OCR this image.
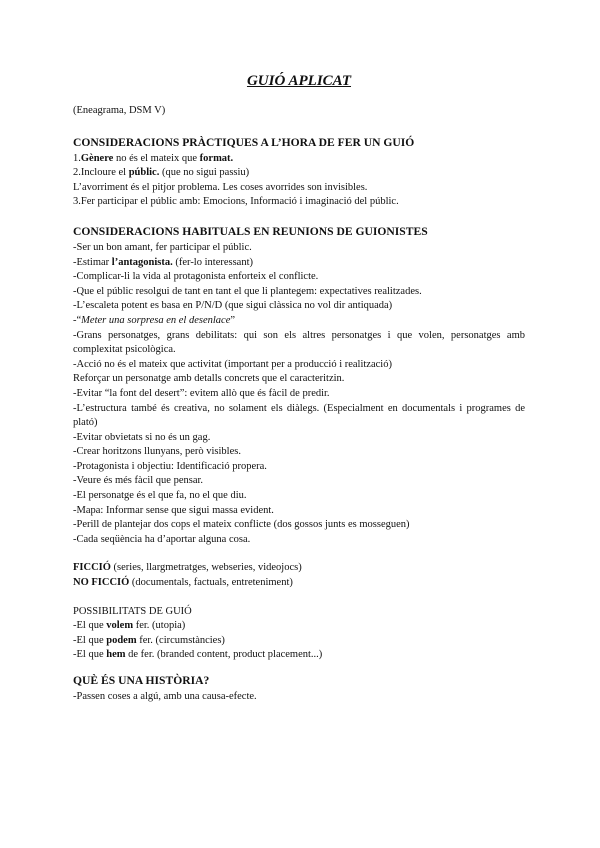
GUIÓ APLICAT
(Eneagrama, DSM V)
CONSIDERACIONS PRÀCTIQUES A L’HORA DE FER UN GUIÓ
1.Gènere no és el mateix que format.
2.Incloure el públic. (que no sigui passiu)
L’avorriment és el pitjor problema. Les coses avorrides son invisibles.
3.Fer participar el públic amb: Emocions, Informació i imaginació del públic.
CONSIDERACIONS HABITUALS EN REUNIONS DE GUIONISTES
-Ser un bon amant, fer participar el públic.
-Estimar l’antagonista. (fer-lo interessant)
-Complicar-li la vida al protagonista enforteix el conflicte.
-Que el públic resolgui de tant en tant el que li plantegem: expectatives realitzades.
-L’escaleta potent es basa en P/N/D (que sigui clàssica no vol dir antiquada)
-“Meter una sorpresa en el desenlace”
-Grans personatges, grans debilitats: qui son els altres personatges i que volen, personatges amb
complexitat psicològica.
-Acció no és el mateix que activitat (important per a producció i realització)
Reforçar un personatge amb detalls concrets que el caracteritzin.
-Evitar “la font del desert”: evitem allò que és fàcil de predir.
-L’estructura també és creativa, no solament els diàlegs. (Especialment en documentals i programes de
plató)
-Evitar obvietats si no és un gag.
-Crear horitzons llunyans, però visibles.
-Protagonista i objectiu: Identificació propera.
-Veure és més fàcil que pensar.
-El personatge és el que fa, no el que diu.
-Mapa: Informar sense que sigui massa evident.
-Perill de plantejar dos cops el mateix conflicte (dos gossos junts es mosseguen)
-Cada seqüència ha d’aportar alguna cosa.
FICCIÓ (series, llargmetratges, webseries, videojocs)
NO FICCIÓ (documentals, factuals, entreteniment)
POSSIBILITATS DE GUIÓ
-El que volem fer. (utopia)
-El que podem fer. (circumstàncies)
-El que hem de fer. (branded content, product placement...)
QUÈ ÉS UNA HISTÒRIA?
-Passen coses a algú, amb una causa-efecte.
